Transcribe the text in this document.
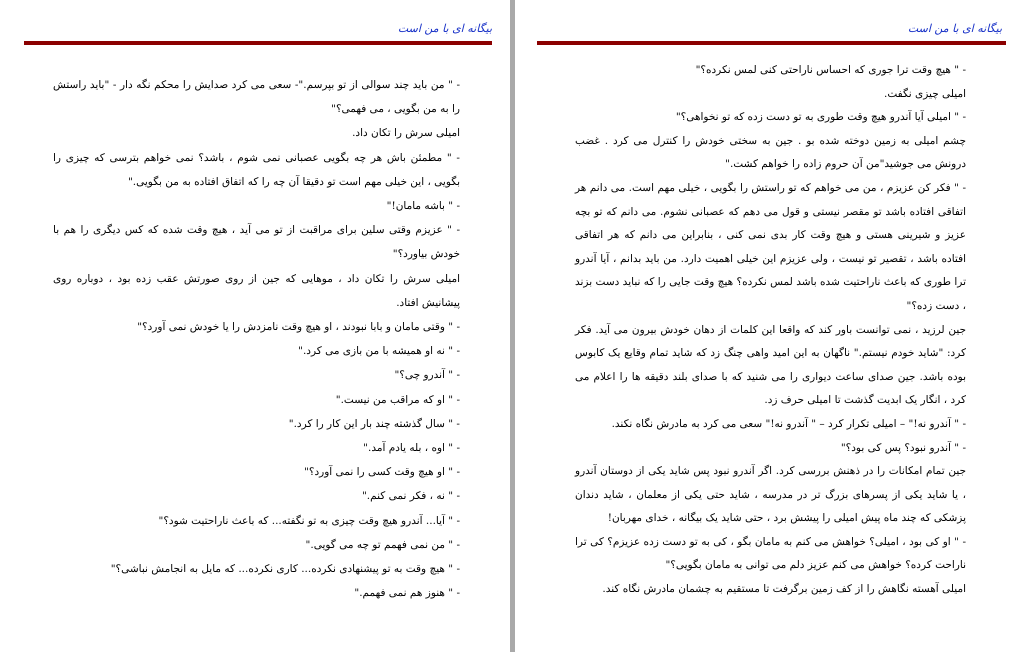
بیگانه ای با من است

- " من باید چند سوالی از تو بپرسم."- سعی می کرد صدایش را محکم نگه دار - "باید راستش را به من بگویی ، می فهمی؟"

امیلی سرش را تکان داد.

- " مطمئن باش هر چه بگویی عصبانی نمی شوم ، باشد؟ نمی خواهم بترسی که چیزی را بگویی ، این خیلی مهم است تو دقیقا آن چه را که اتفاق افتاده به من بگویی."

- " باشه مامان!"

- " عزیزم وقتی سلین برای مراقبت از تو می آید ، هیچ وقت شده که کس دیگری را هم با خودش بیاورد؟"

امیلی سرش را تکان داد ، موهایی که جین از روی صورتش عقب زده بود ، دوباره روی پیشانیش افتاد.

- " وقتی مامان و بابا نبودند ، او هیچ وقت نامزدش را یا خودش نمی آورد؟"

- " نه او همیشه با من بازی می کرد."

- " آندرو چی؟"

- " او که مراقب من نیست."

- " سال گذشته چند بار این کار را کرد."

- " اوه ، بله یادم آمد."

- " او هیچ وقت کسی را نمی آورد؟"

- " نه ، فکر نمی کنم."

- " آیا... آندرو هیچ وقت چیزی به تو نگفته... که باعث ناراحتیت شود؟"

- " من نمی فهمم تو چه می گویی."

- " هیچ وقت به تو پیشنهادی نکرده... کاری نکرده... که مایل به انجامش نباشی؟"

- " هنوز هم نمی فهمم."

بیگانه ای با من است

- " هیچ وقت ترا جوری که احساس ناراحتی کنی لمس نکرده؟"

امیلی چیزی نگفت.

- " امیلی آیا آندرو هیچ وقت طوری به تو دست زده که تو نخواهی؟"

چشم امیلی به زمین دوخته شده بو . جین به سختی خودش را کنترل می کرد . غضب درونش می جوشید"من آن حروم زاده را خواهم کشت."

- " فکر کن عزیزم ، من می خواهم که تو راستش را بگویی ، خیلی مهم است. می دانم هر اتفاقی افتاده باشد تو مقصر نیستی و قول می دهم که عصبانی نشوم. می دانم که تو بچه عزیز و شیرینی هستی و هیچ وقت کار بدی نمی کنی ، بنابراین می دانم که هر اتفاقی افتاده باشد ، تقصیر تو نیست ، ولی عزیزم این خیلی اهمیت دارد. من باید بدانم ، آیا آندرو ترا طوری که باعث ناراحتیت شده باشد لمس نکرده؟ هیچ وقت جایی را که نباید دست بزند ، دست زده؟"

جین لرزید ، نمی توانست باور کند که واقعا این کلمات از دهان خودش بیرون می آید. فکر کرد: "شاید خودم نیستم." ناگهان به این امید واهی چنگ زد که شاید تمام وقایع یک کابوس بوده باشد. جین صدای ساعت دیواری را می شنید که با صدای بلند دقیقه ها را اعلام می کرد ، انگار یک ابدیت گذشت تا امیلی حرف زد.

- " آندرو نه!" – امیلی تکرار کرد – " آندرو نه!" سعی می کرد به مادرش نگاه نکند.

- " آندرو نبود؟ پس کی بود؟"

جین تمام امکانات را در ذهنش بررسی کرد. اگر آندرو نبود پس شاید یکی از دوستان آندرو ، یا شاید یکی از پسرهای بزرگ تر در مدرسه ، شاید حتی یکی از معلمان ، شاید دندان پزشکی که چند ماه پیش امیلی را پیشش برد ، حتی شاید یک بیگانه ، خدای مهربان!

- " او کی بود ، امیلی؟ خواهش می کنم به مامان بگو ، کی به تو دست زده عزیزم؟ کی ترا ناراحت کرده؟ خواهش می کنم عزیز دلم می توانی به مامان بگویی؟"

امیلی آهسته نگاهش را از کف زمین برگرفت تا مستقیم به چشمان مادرش نگاه کند.
